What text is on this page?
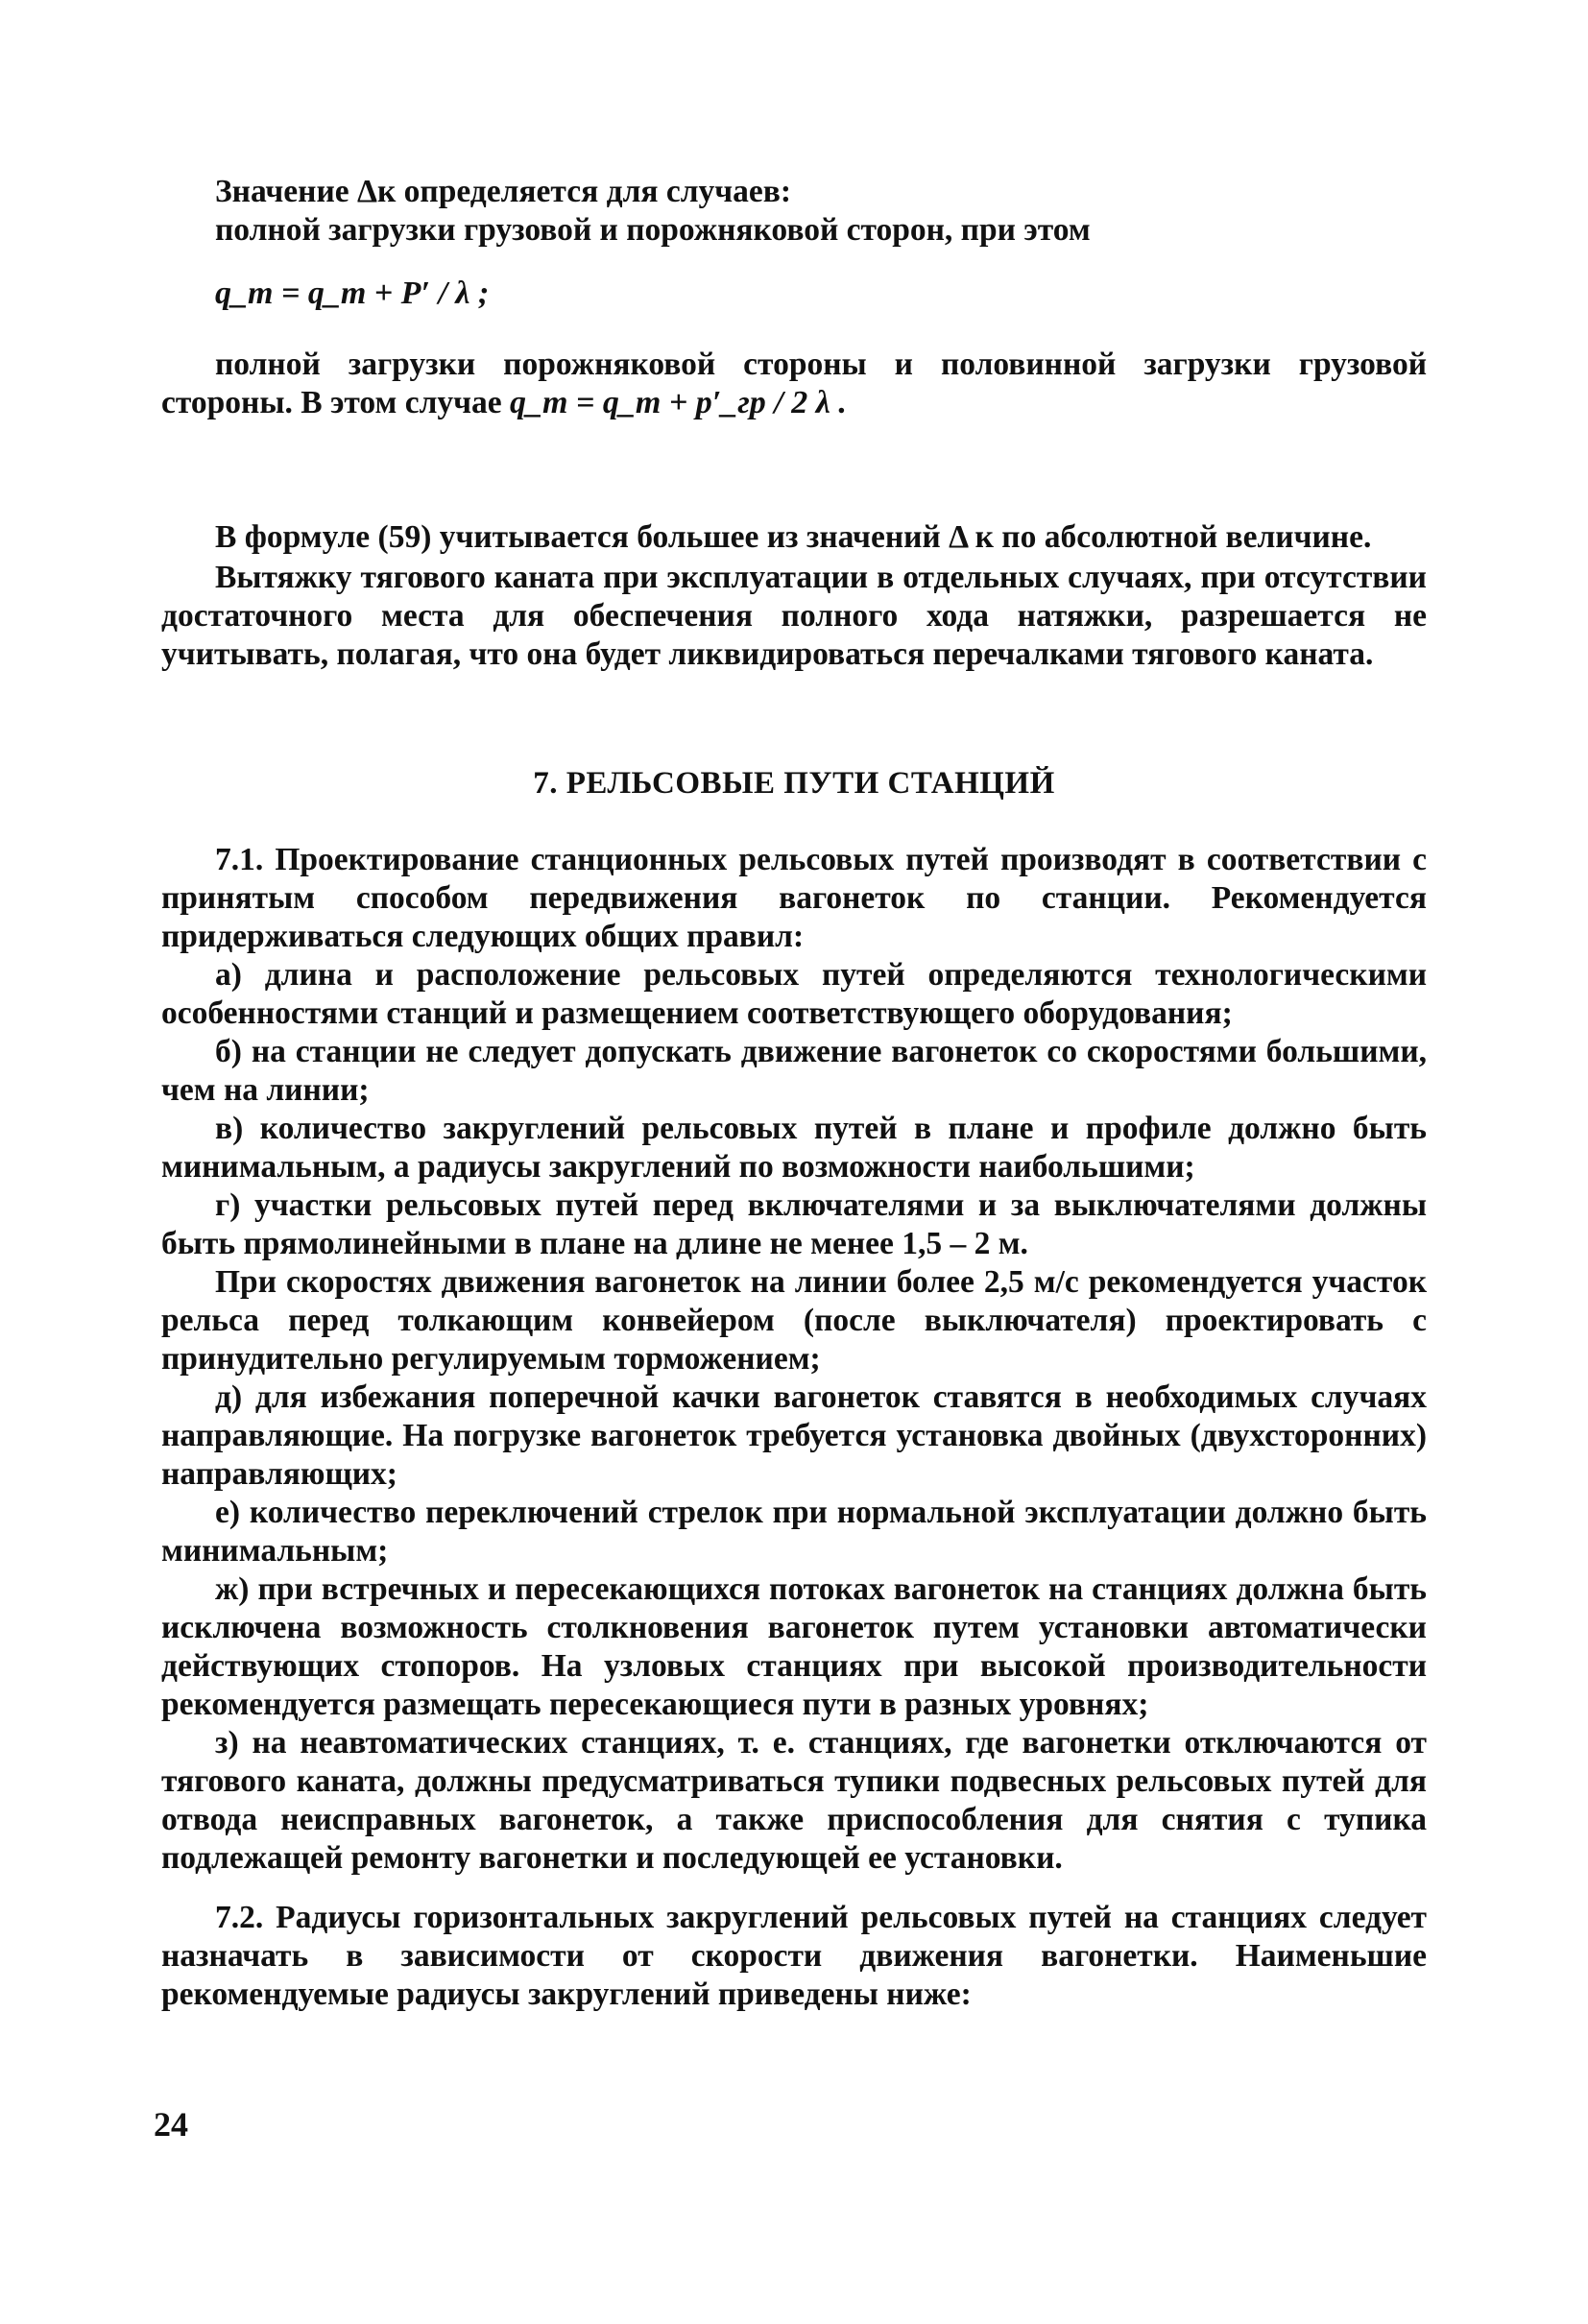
Значение Δк определяется для случаев:

полной загрузки грузовой и порожняковой сторон, при этом

q_m = q_т + P′ / λ ;

полной загрузки порожняковой стороны и половинной загрузки грузовой стороны. В этом случае q_m = q_т + p′_гр / 2 λ .

В формуле (59) учитывается большее из значений Δ к по абсолютной величине.

Вытяжку тягового каната при эксплуатации в отдельных случаях, при отсутствии достаточного места для обеспечения полного хода натяжки, разрешается не учитывать, полагая, что она будет ликвидироваться перечалками тягового каната.

7. РЕЛЬСОВЫЕ ПУТИ СТАНЦИЙ

7.1. Проектирование станционных рельсовых путей производят в соответствии с принятым способом передвижения вагонеток по станции. Рекомендуется придерживаться следующих общих правил:

а) длина и расположение рельсовых путей определяются технологическими особенностями станций и размещением соответствующего оборудования;

б) на станции не следует допускать движение вагонеток со скоростями большими, чем на линии;

в) количество закруглений рельсовых путей в плане и профиле должно быть минимальным, а радиусы закруглений по возможности наибольшими;

г) участки рельсовых путей перед включателями и за выключателями должны быть прямолинейными в плане на длине не менее 1,5 – 2 м.

При скоростях движения вагонеток на линии более 2,5 м/с рекомендуется участок рельса перед толкающим конвейером (после выключателя) проектировать с принудительно регулируемым торможением;

д) для избежания поперечной качки вагонеток ставятся в необходимых случаях направляющие. На погрузке вагонеток требуется установка двойных (двухсторонних) направляющих;

е) количество переключений стрелок при нормальной эксплуатации должно быть минимальным;

ж) при встречных и пересекающихся потоках вагонеток на станциях должна быть исключена возможность столкновения вагонеток путем установки автоматически действующих стопоров. На узловых станциях при высокой производительности рекомендуется размещать пересекающиеся пути в разных уровнях;

з) на неавтоматических станциях, т. е. станциях, где вагонетки отключаются от тягового каната, должны предусматриваться тупики подвесных рельсовых путей для отвода неисправных вагонеток, а также приспособления для снятия с тупика подлежащей ремонту вагонетки и последующей ее установки.

7.2. Радиусы горизонтальных закруглений рельсовых путей на станциях следует назначать в зависимости от скорости движения вагонетки. Наименьшие рекомендуемые радиусы закруглений приведены ниже:

24
